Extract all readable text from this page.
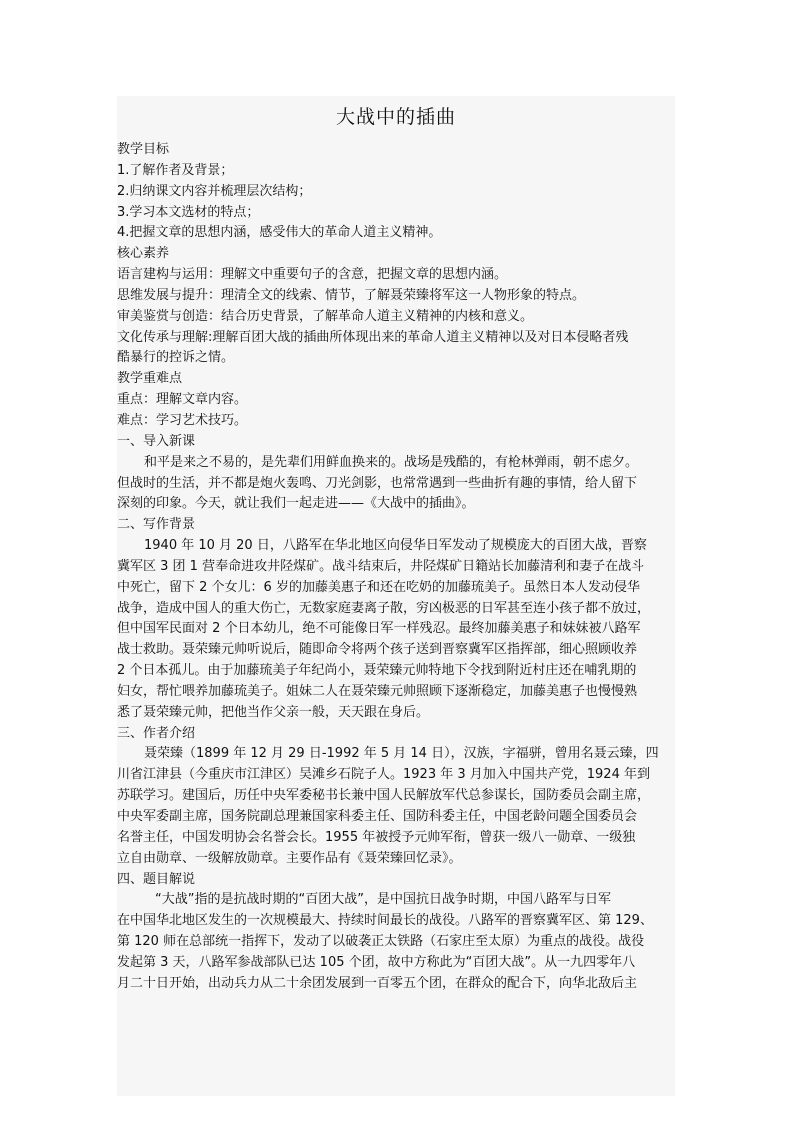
大战中的插曲
教学目标
1.了解作者及背景；
2.归纳课文内容并梳理层次结构；
3.学习本文选材的特点；
4.把握文章的思想内涵，感受伟大的革命人道主义精神。
核心素养
语言建构与运用：理解文中重要句子的含意，把握文章的思想内涵。
思维发展与提升：理清全文的线索、情节，了解聂荣臻将军这一人物形象的特点。
审美鉴赏与创造：结合历史背景，了解革命人道主义精神的内核和意义。
文化传承与理解:理解百团大战的插曲所体现出来的革命人道主义精神以及对日本侵略者残
酷暴行的控诉之情。
教学重难点
重点：理解文章内容。
难点：学习艺术技巧。
一、导入新课
和平是来之不易的，是先辈们用鲜血换来的。战场是残酷的，有枪林弹雨，朝不虑夕。
但战时的生活，并不都是炮火轰鸣、刀光剑影，也常常遇到一些曲折有趣的事情，给人留下
深刻的印象。今天，就让我们一起走进——《大战中的插曲》。
二、写作背景
1940 年 10 月 20 日，八路军在华北地区向侵华日军发动了规模庞大的百团大战，晋察
冀军区 3 团 1 营奉命进攻井陉煤矿。战斗结束后，井陉煤矿日籍站长加藤清利和妻子在战斗
中死亡，留下 2 个女儿：6 岁的加藤美惠子和还在吃奶的加藤琉美子。虽然日本人发动侵华
战争，造成中国人的重大伤亡，无数家庭妻离子散，穷凶极恶的日军甚至连小孩子都不放过，
但中国军民面对 2 个日本幼儿，绝不可能像日军一样残忍。最终加藤美惠子和妹妹被八路军
战士救助。聂荣臻元帅听说后，随即命令将两个孩子送到晋察冀军区指挥部，细心照顾收养
2 个日本孤儿。由于加藤琉美子年纪尚小，聂荣臻元帅特地下令找到附近村庄还在哺乳期的
妇女，帮忙喂养加藤琉美子。姐妹二人在聂荣臻元帅照顾下逐渐稳定，加藤美惠子也慢慢熟
悉了聂荣臻元帅，把他当作父亲一般，天天跟在身后。
三、作者介绍
聂荣臻（1899 年 12 月 29 日-1992 年 5 月 14 日），汉族，字福骈，曾用名聂云臻，四
川省江津县（今重庆市江津区）吴滩乡石院子人。1923 年 3 月加入中国共产党，1924 年到
苏联学习。建国后，历任中央军委秘书长兼中国人民解放军代总参谋长，国防委员会副主席，
中央军委副主席，国务院副总理兼国家科委主任、国防科委主任，中国老龄问题全国委员会
名誉主任，中国发明协会名誉会长。1955 年被授予元帅军衔，曾获一级八一勋章、一级独
立自由勋章、一级解放勋章。主要作品有《聂荣臻回忆录》。
四、题目解说
“大战”指的是抗战时期的“百团大战”，是中国抗日战争时期，中国八路军与日军
在中国华北地区发生的一次规模最大、持续时间最长的战役。八路军的晋察冀军区、第 129、
第 120 师在总部统一指挥下，发动了以破袭正太铁路（石家庄至太原）为重点的战役。战役
发起第 3 天，八路军参战部队已达 105 个团，故中方称此为“百团大战”。从一九四零年八
月二十日开始，出动兵力从二十余团发展到一百零五个团，在群众的配合下，向华北敌后主
